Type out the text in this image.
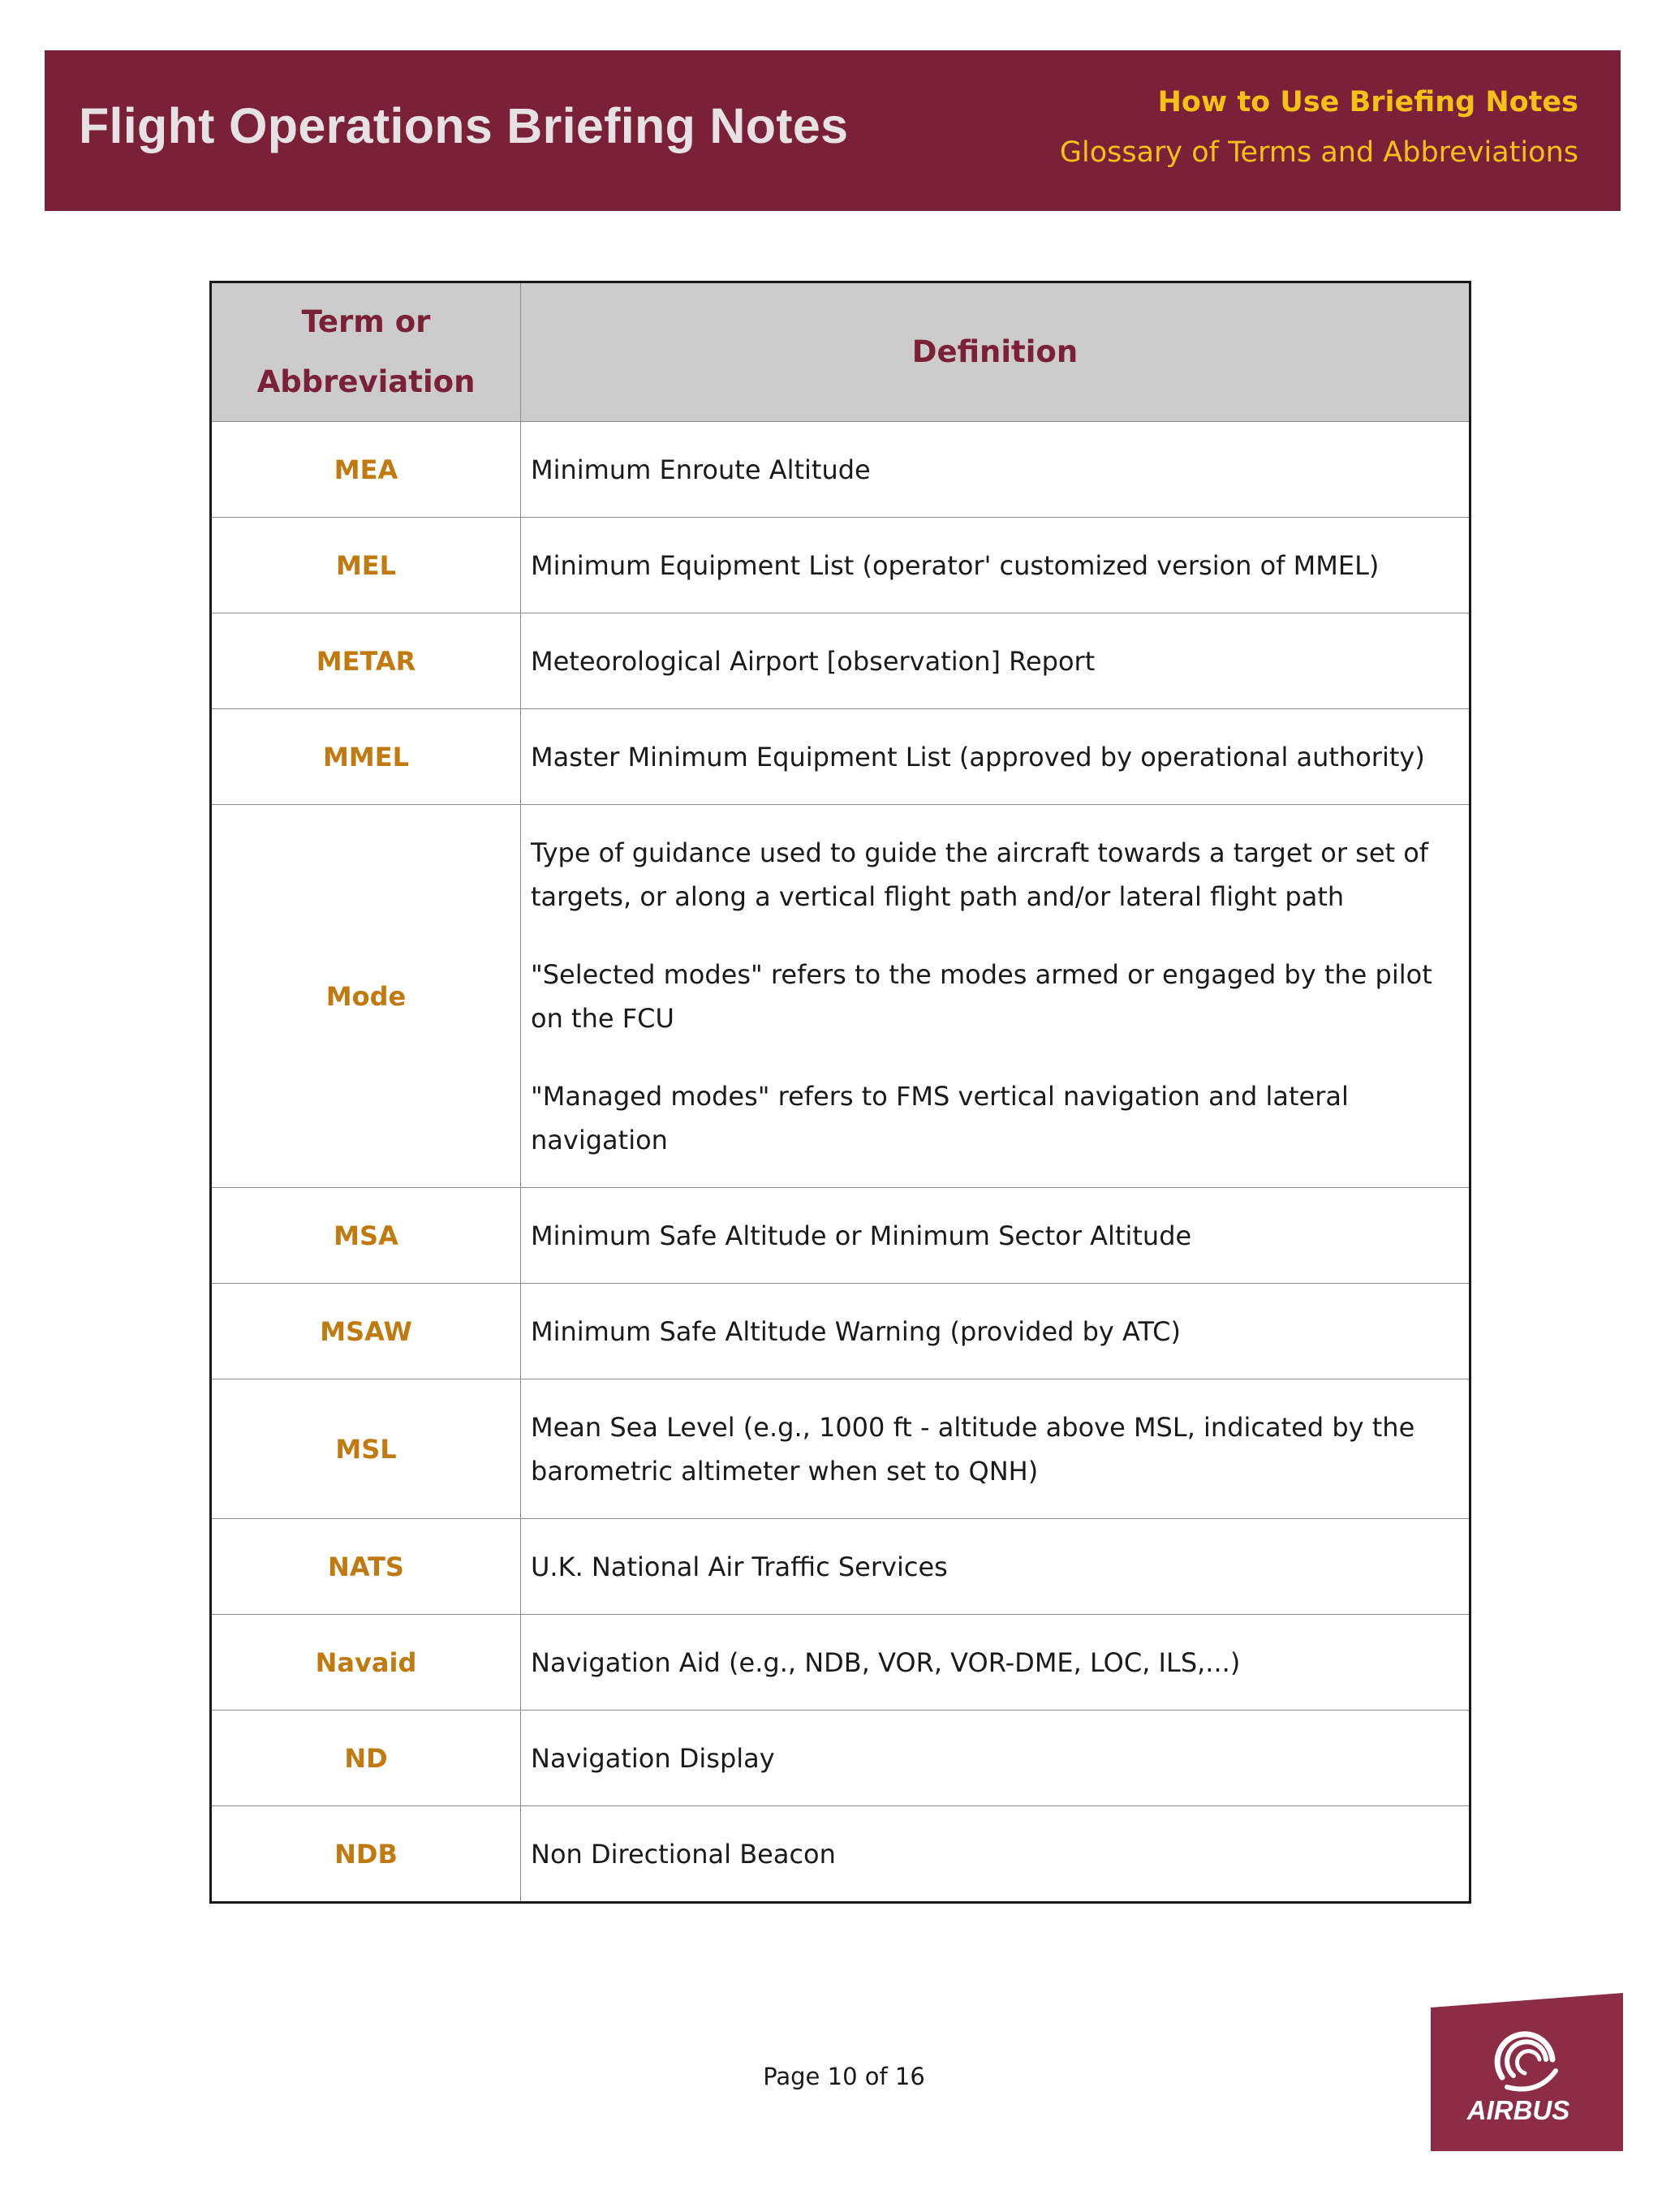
Flight Operations Briefing Notes	How to Use Briefing Notes
Glossary of Terms and Abbreviations
Term or
Abbreviation	Definition
MEA	Minimum Enroute Altitude

MEL	Minimum Equipment List (operator' customized version of MMEL)

METAR	Meteorological Airport [observation] Report

MMEL	Master Minimum Equipment List (approved by operational authority)

Mode	Type of guidance used to guide the aircraft towards a target or set of targets, or along a vertical flight path and/or lateral flight path

"Selected modes" refers to the modes armed or engaged by the pilot on the FCU

"Managed modes" refers to FMS vertical navigation and lateral navigation

MSA	Minimum Safe Altitude or Minimum Sector Altitude

MSAW	Minimum Safe Altitude Warning (provided by ATC)

MSL	Mean Sea Level (e.g., 1000 ft - altitude above MSL, indicated by the barometric altimeter when set to QNH)

NATS	U.K. National Air Traffic Services

Navaid	Navigation Aid (e.g., NDB, VOR, VOR-DME, LOC, ILS,...)

ND	Navigation Display

NDB	Non Directional Beacon

Page 10 of 16
AIRBUS
